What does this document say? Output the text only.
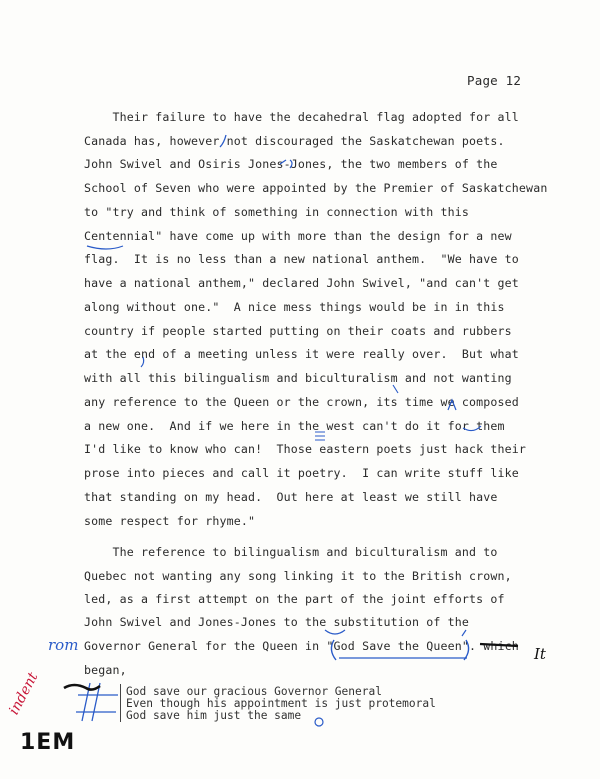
Page 12
Their failure to have the decahedral flag adopted for all
Canada has, however not discouraged the Saskatchewan poets.
John Swivel and Osiris Jones-Jones, the two members of the
School of Seven who were appointed by the Premier of Saskatchewan
to "try and think of something in connection with this
Centennial" have come up with more than the design for a new
flag.  It is no less than a new national anthem.  "We have to
have a national anthem," declared John Swivel, "and can't get
along without one."  A nice mess things would be in in this
country if people started putting on their coats and rubbers
at the end of a meeting unless it were really over.  But what
with all this bilingualism and biculturalism and not wanting
any reference to the Queen or the crown, its time we composed
a new one.  And if we here in the west can't do it for them
I'd like to know who can!  Those eastern poets just hack their
prose into pieces and call it poetry.  I can write stuff like
that standing on my head.  Out here at least we still have
some respect for rhyme."
The reference to bilingualism and biculturalism and to
Quebec not wanting any song linking it to the British crown,
led, as a first attempt on the part of the joint efforts of
John Swivel and Jones-Jones to the substitution of the
Governor General for the Queen in "God Save the Queen". which
began,
God save our gracious Governor General
Even though his appointment is just protemoral
God save him just the same
rom	It
indent
1EM
